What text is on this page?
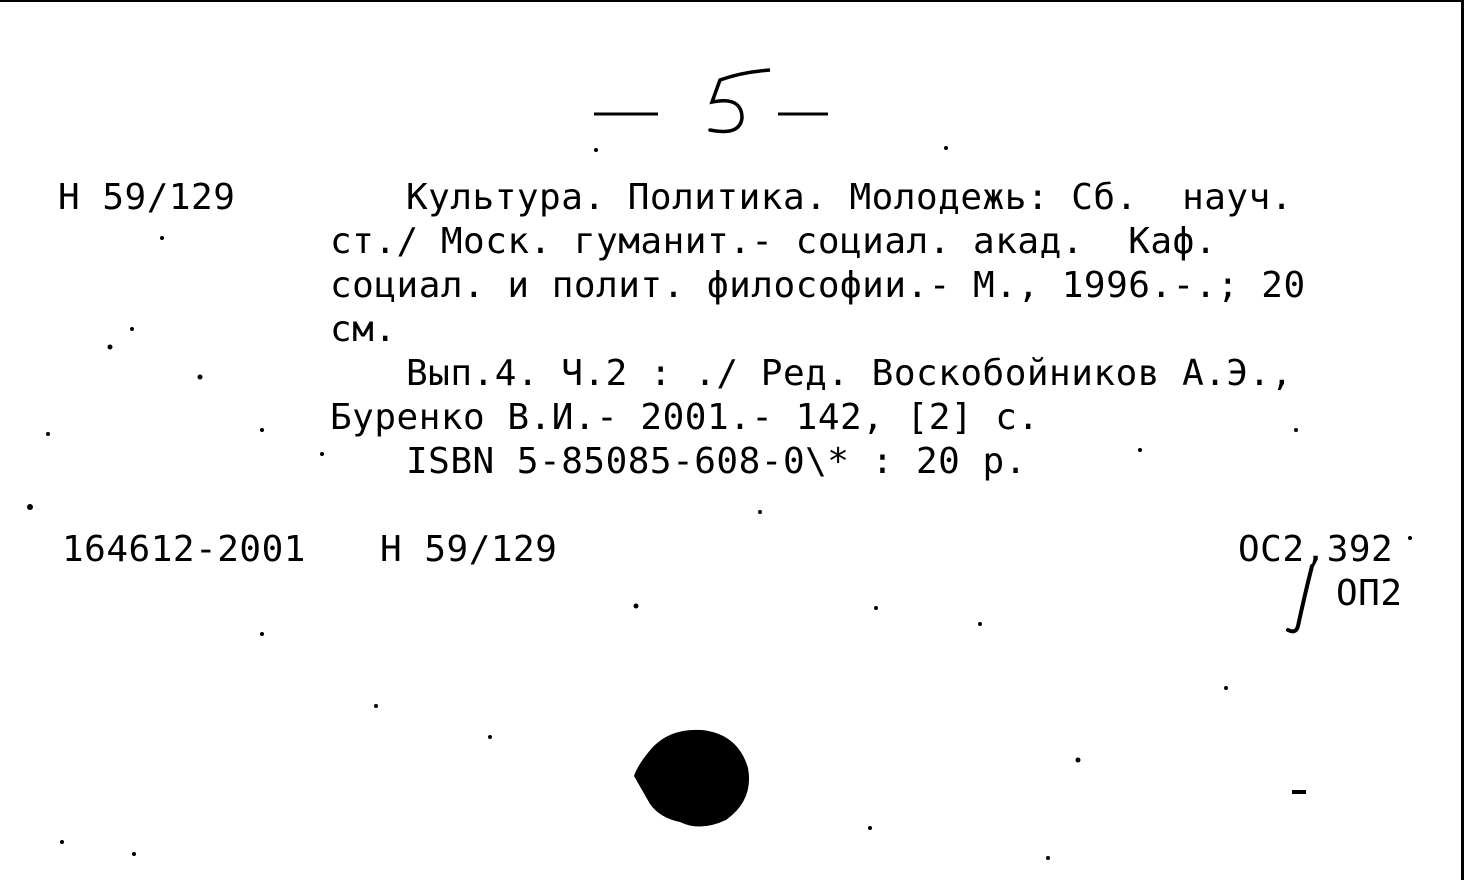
Н 59/129	Культура. Политика. Молодежь: Сб.  науч.
ст./ Моск. гуманит.- социал. акад.  Каф.
социал. и полит. философии.- М., 1996.-.; 20
см.
Вып.4. Ч.2 : ./ Ред. Воскобойников А.Э.,
Буренко В.И.- 2001.- 142, [2] с.
ISBN 5-85085-608-0\* : 20 р.
164612-2001 Н 59/129	ОС2,392
ОП2
